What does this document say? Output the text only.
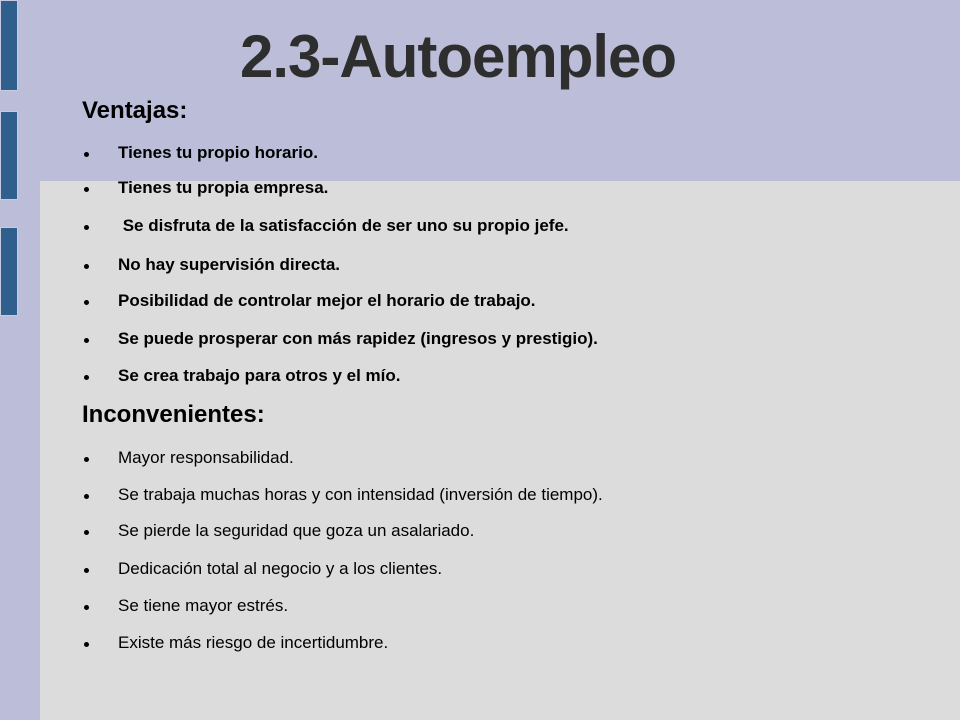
2.3-Autoempleo
Ventajas:
Tienes tu propio horario.
Tienes tu propia empresa.
Se disfruta de la satisfacción de ser uno su propio jefe.
No hay supervisión directa.
Posibilidad de controlar mejor el horario de trabajo.
Se puede prosperar con más rapidez (ingresos y prestigio).
Se crea trabajo para otros y el mío.
Inconvenientes:
Mayor responsabilidad.
Se trabaja muchas horas y con intensidad (inversión de tiempo).
Se pierde la seguridad que goza un asalariado.
Dedicación total al negocio y a los clientes.
Se tiene mayor estrés.
Existe más riesgo de incertidumbre.
